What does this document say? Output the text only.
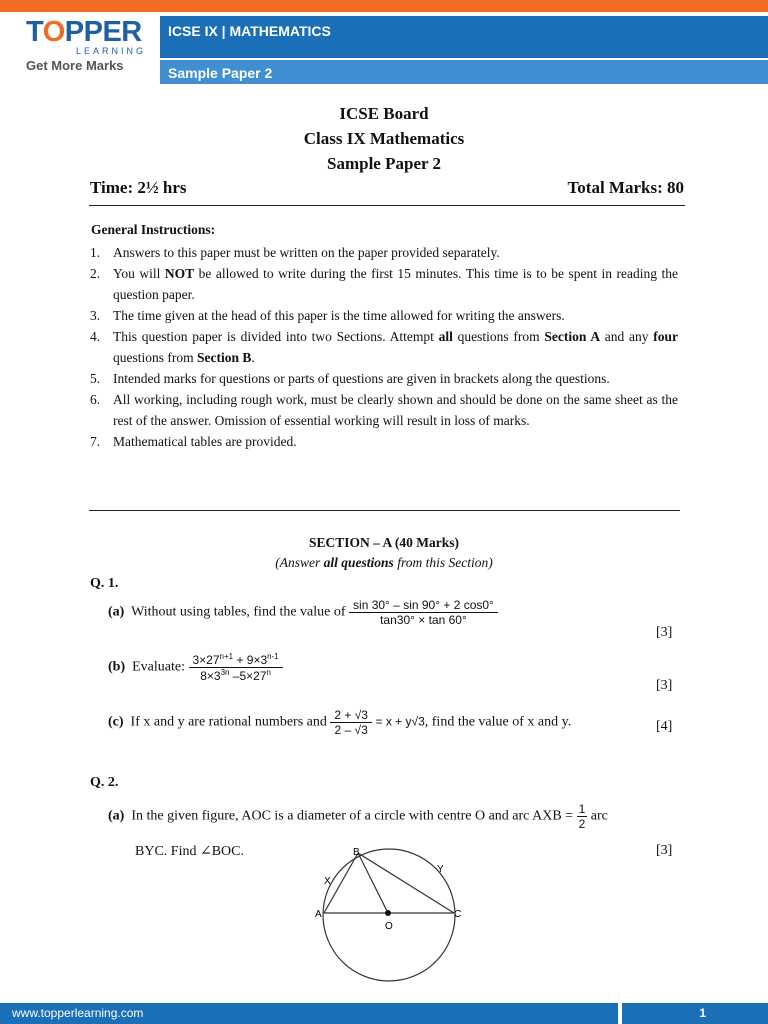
TOPPER
LEARNING
Get More Marks
ICSE IX | MATHEMATICS
Sample Paper 2
ICSE Board
Class IX Mathematics
Sample Paper 2
Time: 2½ hrs	Total Marks: 80
General Instructions:
1. Answers to this paper must be written on the paper provided separately.
2. You will NOT be allowed to write during the first 15 minutes. This time is to be spent in reading the question paper.
3. The time given at the head of this paper is the time allowed for writing the answers.
4. This question paper is divided into two Sections. Attempt all questions from Section A and any four questions from Section B.
5. Intended marks for questions or parts of questions are given in brackets along the questions.
6. All working, including rough work, must be clearly shown and should be done on the same sheet as the rest of the answer. Omission of essential working will result in loss of marks.
7. Mathematical tables are provided.
SECTION – A (40 Marks)
(Answer all questions from this Section)
Q. 1.
(a) Without using tables, find the value of $\frac{\sin 30^\circ - \sin 90^\circ + 2 \cos 0^\circ}{\tan 30^\circ \times \tan 60^\circ}$
[3]
(b) Evaluate: $\frac{3\times 27^{n+1} + 9\times 3^{n-1}}{8\times 3^{3n} -5\times 27^n}$
[3]
(c) If x and y are rational numbers and $\frac{2 + √3}{2 - √3} = x + y√3$, find the value of x and y.	[4]
Q. 2.
(a) In the given figure, AOC is a diameter of a circle with centre O and arc AXB = $\frac{1}{2}$ arc
BYC. Find ∠BOC.	[3]
A
B
C
O
X
Y
www.topperlearning.com	1
